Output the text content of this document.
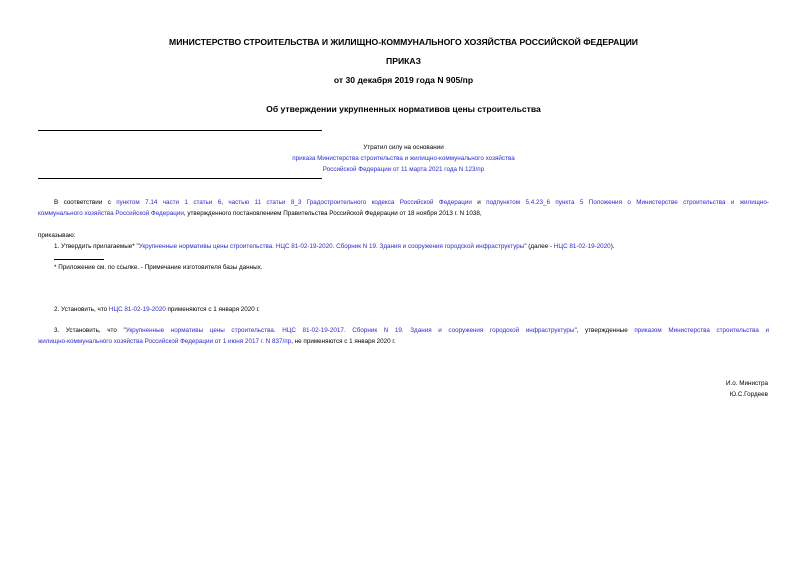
МИНИСТЕРСТВО СТРОИТЕЛЬСТВА И ЖИЛИЩНО-КОММУНАЛЬНОГО ХОЗЯЙСТВА РОССИЙСКОЙ ФЕДЕРАЦИИ
ПРИКАЗ
от 30 декабря 2019 года N 905/пр
Об утверждении укрупненных нормативов цены строительства
Утратил силу на основании
приказа Министерства строительства и жилищно-коммунального хозяйства
Российской Федерации от 11 марта 2021 года N 123/пр
В соответствии с пунктом 7.14 части 1 статьи 6, частью 11 статьи 8_3 Градостроительного кодекса Российской Федерации и подпунктом 5.4.23_6 пункта 5 Положения о Министерстве строительства и жилищно-
коммунального хозяйства Российской Федерации, утвержденного постановлением Правительства Российской Федерации от 18 ноября 2013 г. N 1038,
приказываю:
1. Утвердить прилагаемые* "Укрупненные нормативы цены строительства. НЦС 81-02-19-2020. Сборник N 19. Здания и сооружения городской инфраструктуры" (далее - НЦС 81-02-19-2020).
* Приложение см. по ссылке. - Примечание изготовителя базы данных.
2. Установить, что НЦС 81-02-19-2020 применяются с 1 января 2020 г.
3. Установить, что "Укрупненные нормативы цены строительства. НЦС 81-02-19-2017. Сборник N 19. Здания и сооружения городской инфраструктуры", утвержденные приказом Министерства строительства и
жилищно-коммунального хозяйства Российской Федерации от 1 июня 2017 г. N 837/пр, не применяются с 1 января 2020 г.
И.о. Министра
Ю.С.Гордеев
